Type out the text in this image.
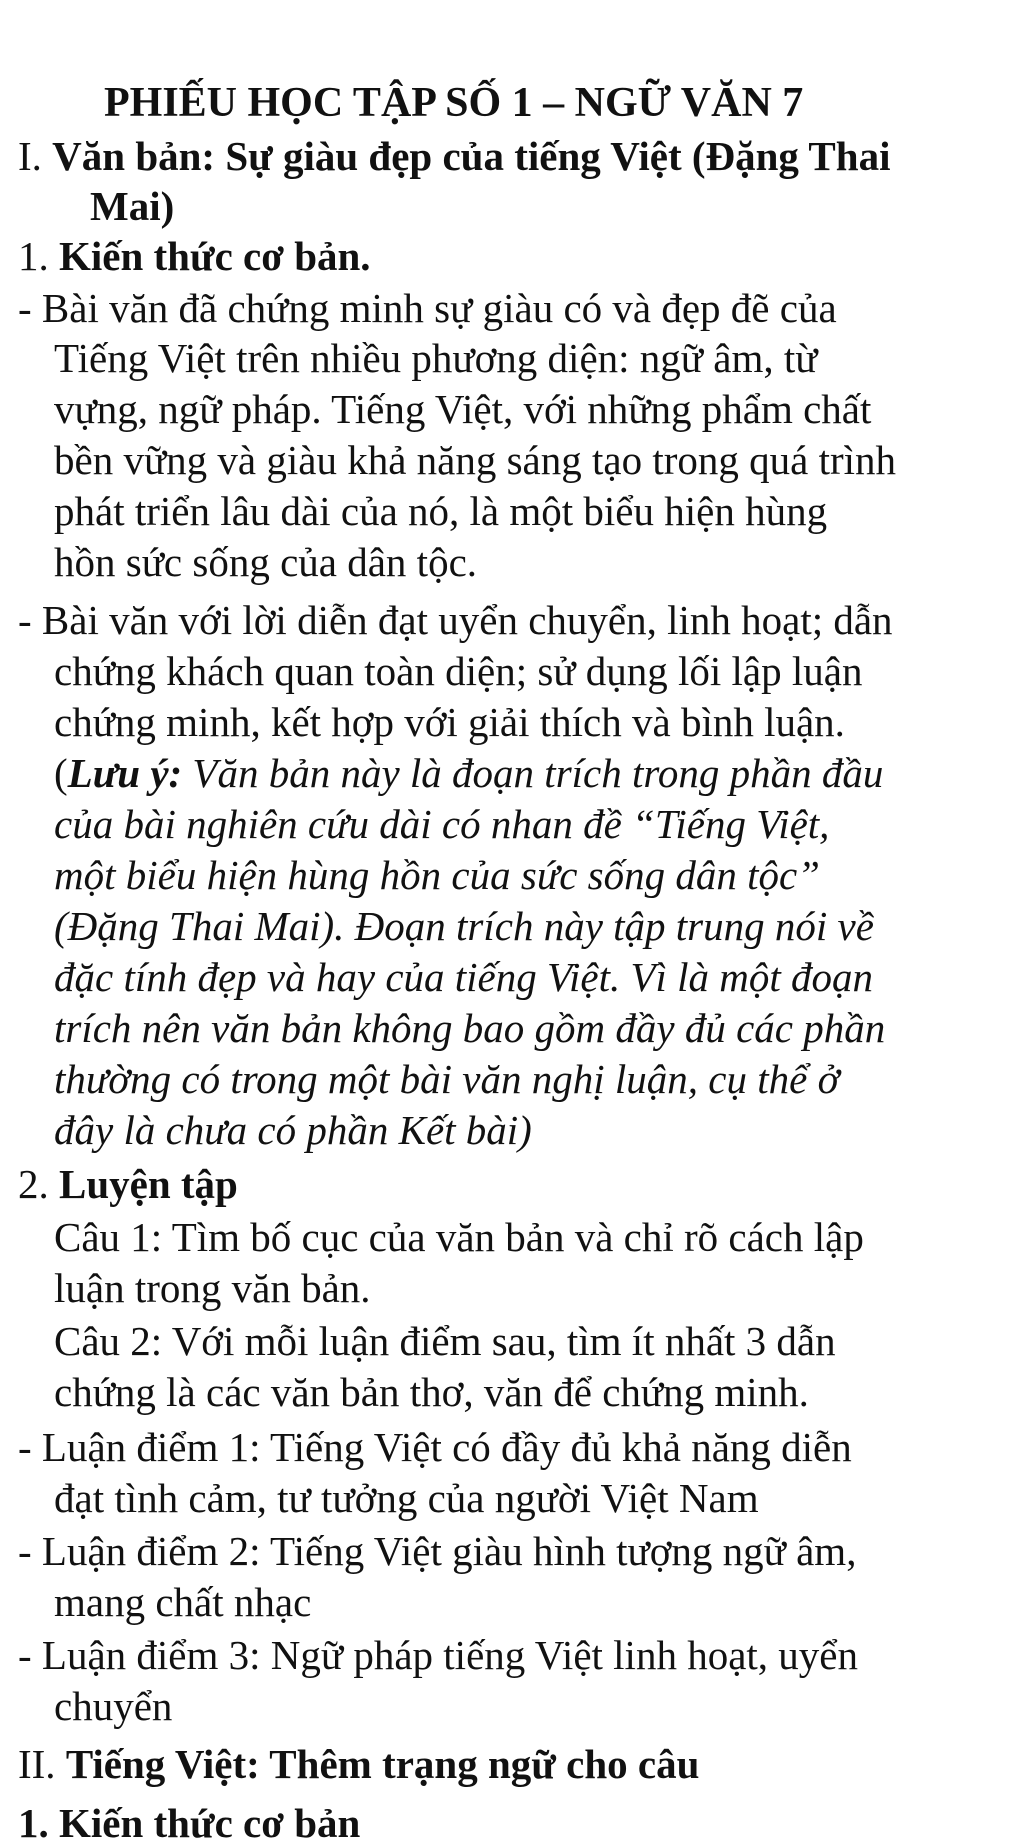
PHIẾU HỌC TẬP SỐ 1 – NGỮ VĂN 7
I. Văn bản: Sự giàu đẹp của tiếng Việt (Đặng Thai
Mai)
1. Kiến thức cơ bản.
- Bài văn đã chứng minh sự giàu có và đẹp đẽ của
Tiếng Việt trên nhiều phương diện: ngữ âm, từ
vựng, ngữ pháp. Tiếng Việt, với những phẩm chất
bền vững và giàu khả năng sáng tạo trong quá trình
phát triển lâu dài của nó, là một biểu hiện hùng
hồn sức sống của dân tộc.
- Bài văn với lời diễn đạt uyển chuyển, linh hoạt; dẫn
chứng khách quan toàn diện; sử dụng lối lập luận
chứng minh, kết hợp với giải thích và bình luận.
(Lưu ý: Văn bản này là đoạn trích trong phần đầu
của bài nghiên cứu dài có nhan đề “Tiếng Việt,
một biểu hiện hùng hồn của sức sống dân tộc”
(Đặng Thai Mai). Đoạn trích này tập trung nói về
đặc tính đẹp và hay của tiếng Việt. Vì là một đoạn
trích nên văn bản không bao gồm đầy đủ các phần
thường có trong một bài văn nghị luận, cụ thể ở
đây là chưa có phần Kết bài)
2. Luyện tập
Câu 1: Tìm bố cục của văn bản và chỉ rõ cách lập
luận trong văn bản.
Câu 2: Với mỗi luận điểm sau, tìm ít nhất 3 dẫn
chứng là các văn bản thơ, văn để chứng minh.
- Luận điểm 1: Tiếng Việt có đầy đủ khả năng diễn
đạt tình cảm, tư tưởng của người Việt Nam
- Luận điểm 2: Tiếng Việt giàu hình tượng ngữ âm,
mang chất nhạc
- Luận điểm 3: Ngữ pháp tiếng Việt linh hoạt, uyển
chuyển
II. Tiếng Việt: Thêm trạng ngữ cho câu
1. Kiến thức cơ bản
